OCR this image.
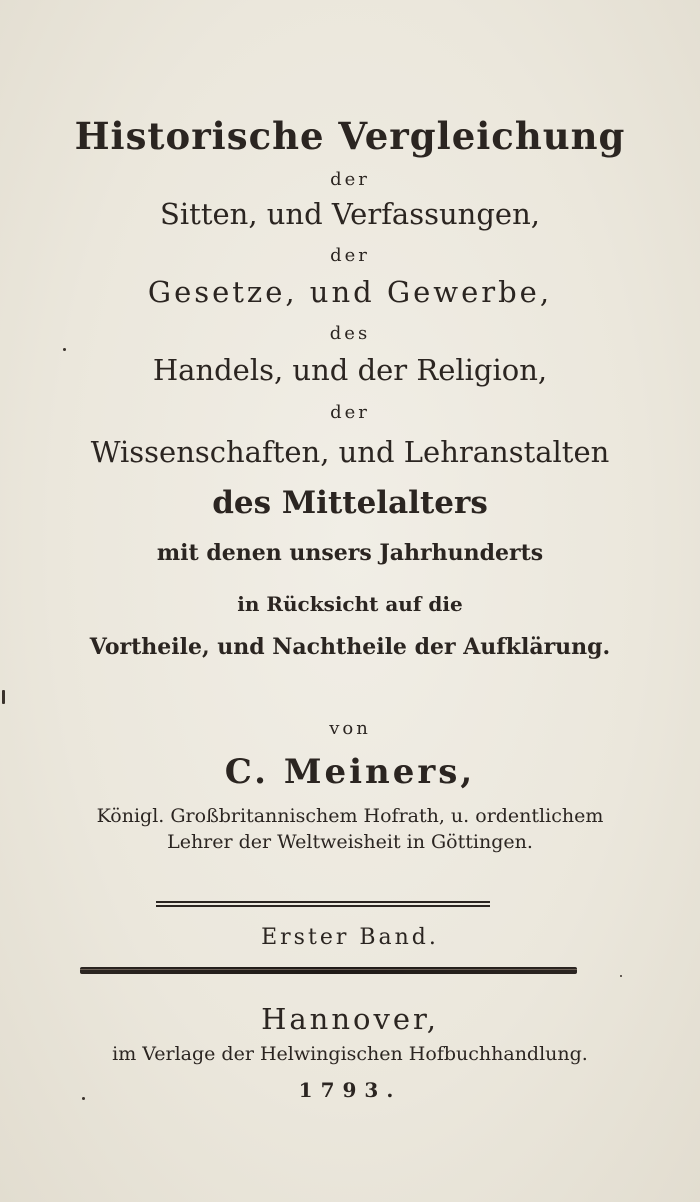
Historische Vergleichung
der
Sitten, und Verfassungen,
der
Gesetze, und Gewerbe,
des
Handels, und der Religion,
der
Wissenschaften, und Lehranstalten
des Mittelalters
mit denen unsers Jahrhunderts
in Rücksicht auf die
Vortheile, und Nachtheile der Aufklärung.
von
C. Meiners,
Königl. Großbritannischem Hofrath, u. ordentlichem
Lehrer der Weltweisheit in Göttingen.
Erster Band.
Hannover,
im Verlage der Helwingischen Hofbuchhandlung.
1793.
